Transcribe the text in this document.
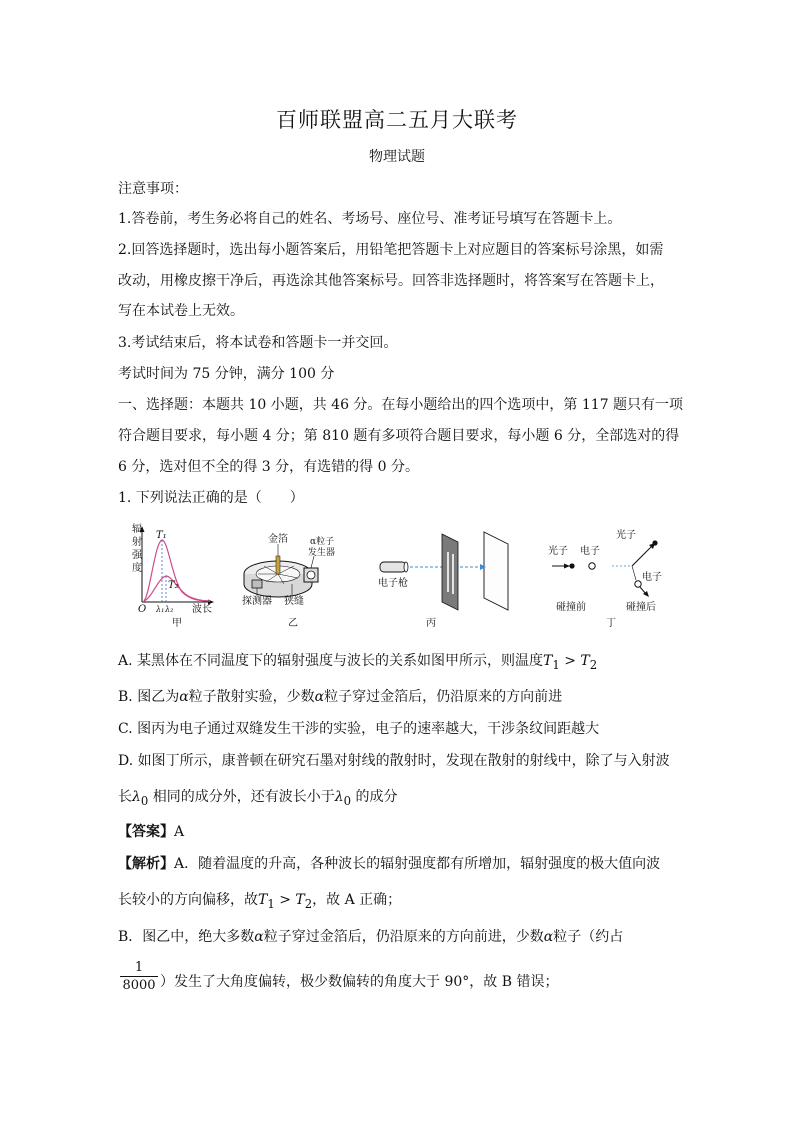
百师联盟高二五月大联考
物理试题
注意事项：
1.答卷前，考生务必将自己的姓名、考场号、座位号、准考证号填写在答题卡上。
2.回答选择题时，选出每小题答案后，用铅笔把答题卡上对应题目的答案标号涂黑，如需
改动，用橡皮擦干净后，再选涂其他答案标号。回答非选择题时，将答案写在答题卡上，
写在本试卷上无效。
3.考试结束后，将本试卷和答题卡一并交回。
考试时间为 75 分钟，满分 100 分
一、选择题：本题共 10 小题，共 46 分。在每小题给出的四个选项中，第 117 题只有一项
符合题目要求，每小题 4 分；第 810 题有多项符合题目要求，每小题 6 分，全部选对的得
6 分，选对但不全的得 3 分，有选错的得 0 分。
1. 下列说法正确的是（　　）
辐
射
强
度
T₁
T₂
O λ₁ λ₂ 波长
甲
金箔 α粒子
发生器
探测器 狭缝
乙
电子枪
丙
光子 电子
碰撞前
光子
电子
碰撞后
丁
A. 某黑体在不同温度下的辐射强度与波长的关系如图甲所示，则温度$T_1 > T_2$
B. 图乙为α粒子散射实验，少数α粒子穿过金箔后，仍沿原来的方向前进
C. 图丙为电子通过双缝发生干涉的实验，电子的速率越大，干涉条纹间距越大
D. 如图丁所示，康普顿在研究石墨对射线的散射时，发现在散射的射线中，除了与入射波
长$\lambda_0$ 相同的成分外，还有波长小于$\lambda_0$ 的成分
【答案】A
【解析】A．随着温度的升高，各种波长的辐射强度都有所增加，辐射强度的极大值向波
长较小的方向偏移，故$T_1 > T_2$，故 A 正确；
B．图乙中，绝大多数α粒子穿过金箔后，仍沿原来的方向前进，少数α粒子（约占
1
8000 ）发生了大角度偏转，极少数偏转的角度大于 90°，故 B 错误；
